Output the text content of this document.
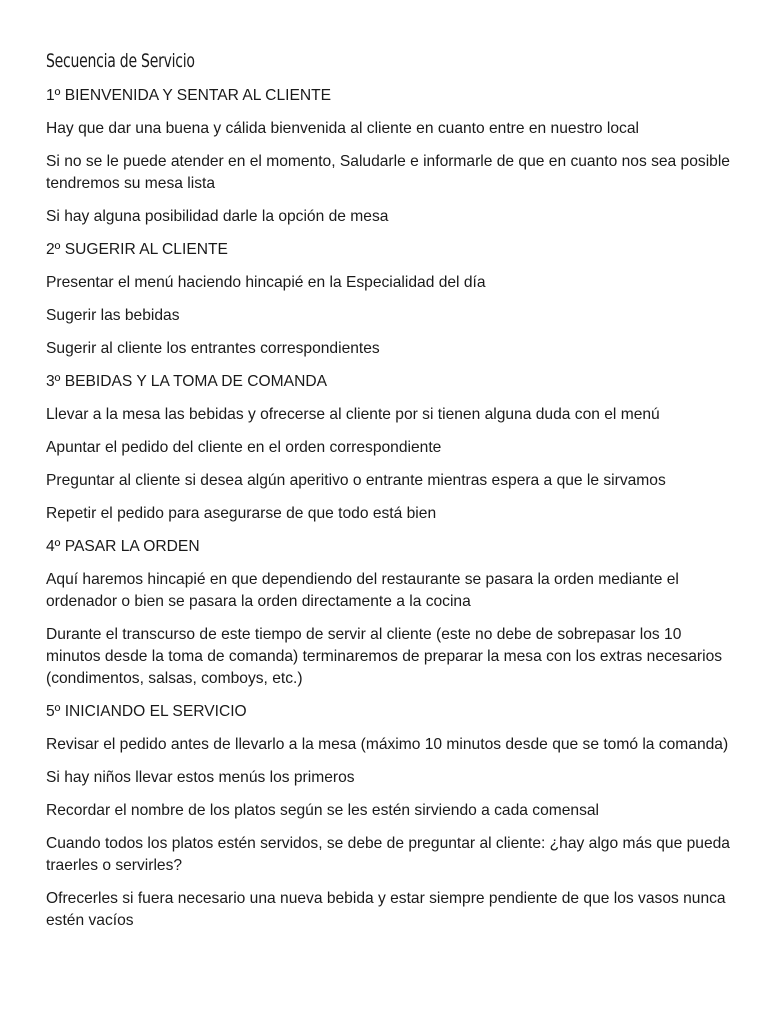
Secuencia de Servicio

1º BIENVENIDA Y SENTAR AL CLIENTE

Hay que dar una buena y cálida bienvenida al cliente en cuanto entre en nuestro local

Si no se le puede atender en el momento, Saludarle e informarle de que en cuanto nos sea posible tendremos su mesa lista

Si hay alguna posibilidad darle la opción de mesa

2º SUGERIR AL CLIENTE

Presentar el menú haciendo hincapié en la Especialidad del día

Sugerir las bebidas

Sugerir al cliente los entrantes correspondientes

3º BEBIDAS Y LA TOMA DE COMANDA

Llevar a la mesa las bebidas y ofrecerse al cliente por si tienen alguna duda con el menú

Apuntar el pedido del cliente en el orden correspondiente

Preguntar al cliente si desea algún aperitivo o entrante mientras espera a que le sirvamos

Repetir el pedido para asegurarse de que todo está bien

4º PASAR LA ORDEN

Aquí haremos hincapié en que dependiendo del restaurante se pasara la orden mediante el ordenador o bien se pasara la orden directamente a la cocina

Durante el transcurso de este tiempo de servir al cliente (este no debe de sobrepasar los 10 minutos desde la toma de comanda) terminaremos de preparar la mesa con los extras necesarios (condimentos, salsas, comboys, etc.)

5º INICIANDO EL SERVICIO

Revisar el pedido antes de llevarlo a la mesa (máximo 10 minutos desde que se tomó la comanda)

Si hay niños llevar estos menús los primeros

Recordar el nombre de los platos según se les estén sirviendo a cada comensal

Cuando todos los platos estén servidos, se debe de preguntar al cliente: ¿hay algo más que pueda traerles o servirles?

Ofrecerles si fuera necesario una nueva bebida y estar siempre pendiente de que los vasos nunca estén vacíos
